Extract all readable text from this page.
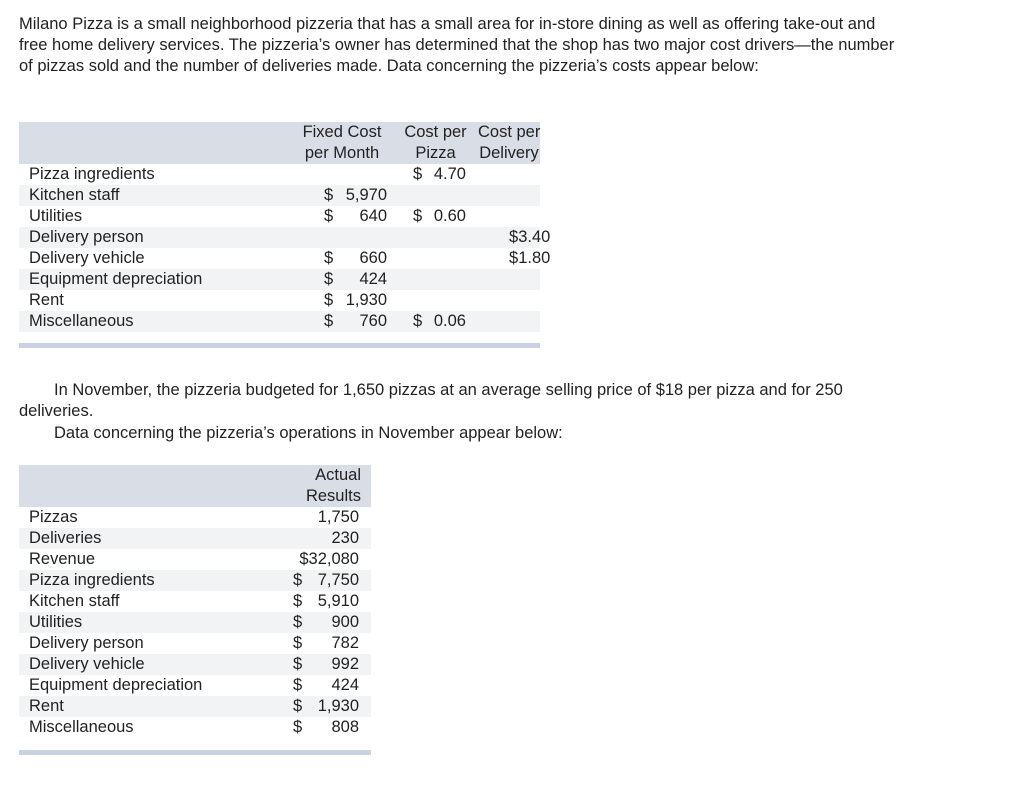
Milano Pizza is a small neighborhood pizzeria that has a small area for in-store dining as well as offering take-out and free home delivery services. The pizzeria’s owner has determined that the shop has two major cost drivers—the number of pizzas sold and the number of deliveries made. Data concerning the pizzeria’s costs appear below:

	Fixed Cost	Cost per	Cost per
	per Month	Pizza	Delivery
Pizza ingredients		$ 4.70	

Kitchen staff	$ 5,970		

Utilities	$ 640	$ 0.60	

Delivery person			$ 3.40

Delivery vehicle	$ 660		$ 1.80

Equipment depreciation	$ 424		

Rent	$ 1,930		

Miscellaneous	$ 760	$ 0.06	

In November, the pizzeria budgeted for 1,650 pizzas at an average selling price of $18 per pizza and for 250 deliveries.

Data concerning the pizzeria’s operations in November appear below:

	Actual
	Results
Pizzas	1,750

Deliveries	230

Revenue	$32,080

Pizza ingredients	$ 7,750

Kitchen staff	$ 5,910

Utilities	$ 900

Delivery person	$ 782

Delivery vehicle	$ 992

Equipment depreciation	$ 424

Rent	$ 1,930

Miscellaneous	$ 808
